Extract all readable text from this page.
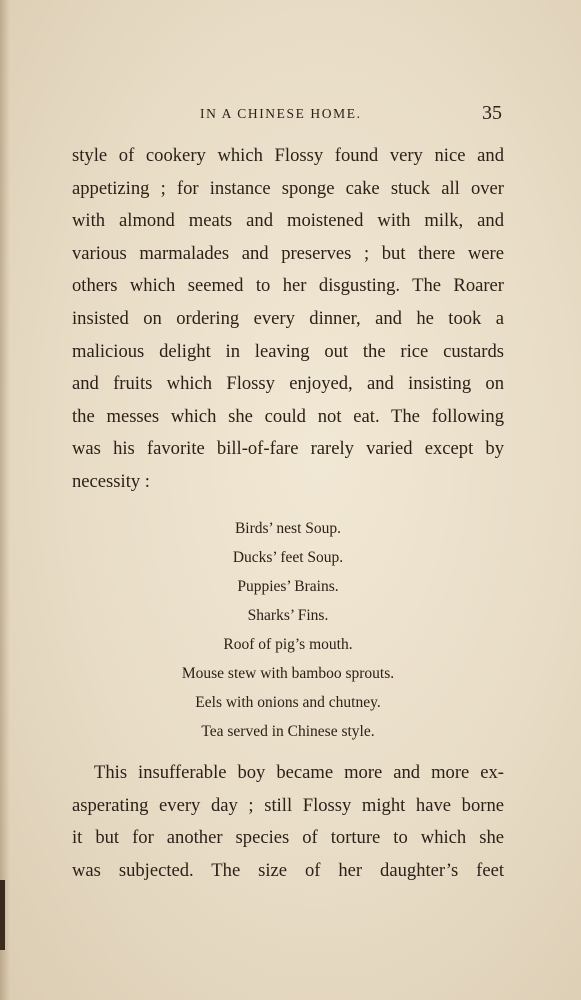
IN A CHINESE HOME.	35
style of cookery which Flossy found very nice and
appetizing ; for instance sponge cake stuck all over
with almond meats and moistened with milk, and
various marmalades and preserves ; but there were
others which seemed to her disgusting. The Roarer
insisted on ordering every dinner, and he took a
malicious delight in leaving out the rice custards
and fruits which Flossy enjoyed, and insisting on
the messes which she could not eat. The following
was his favorite bill-of-fare rarely varied except by
necessity :
Birds’ nest Soup.
Ducks’ feet Soup.
Puppies’ Brains.
Sharks’ Fins.
Roof of pig’s mouth.
Mouse stew with bamboo sprouts.
Eels with onions and chutney.
Tea served in Chinese style.
This insufferable boy became more and more ex-
asperating every day ; still Flossy might have borne
it but for another species of torture to which she
was subjected. The size of her daughter’s feet
